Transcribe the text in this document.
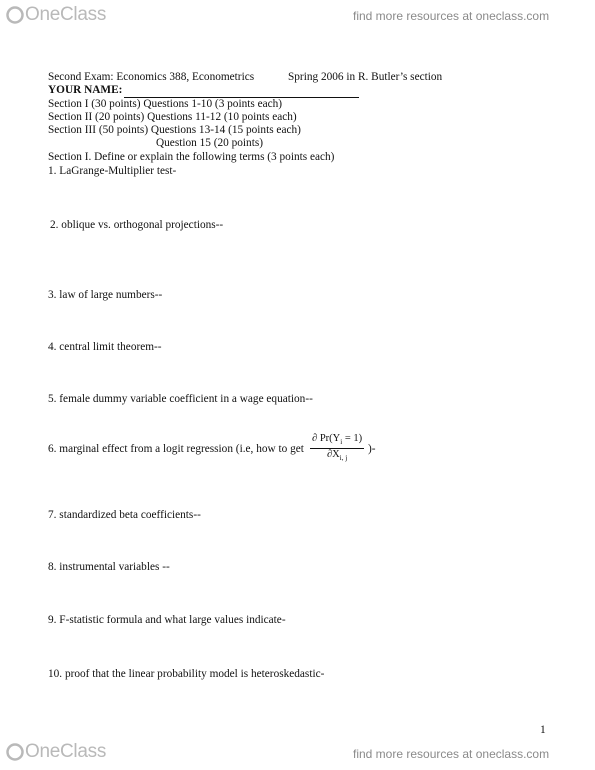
OneClass	find more resources at oneclass.com
Second Exam: Economics 388, Econometrics	Spring 2006 in R. Butler’s section
YOUR NAME:
Section I (30 points) Questions 1-10 (3 points each)
Section II (20 points) Questions 11-12 (10 points each)
Section III (50 points) Questions 13-14 (15 points each)
Question 15 (20 points)
Section I. Define or explain the following terms (3 points each)
1. LaGrange-Multiplier test-
2. oblique vs. orthogonal projections--
3. law of large numbers--
4. central limit theorem--
5. female dummy variable coefficient in a wage equation--
6. marginal effect from a logit regression (i.e, how to get $\frac{\partial Pr(Y_i = 1)}{\partial X_{i, j}}$ )-
7. standardized beta coefficients--
8. instrumental variables --
9. F-statistic formula and what large values indicate-
10. proof that the linear probability model is heteroskedastic-
1
OneClass	find more resources at oneclass.com
